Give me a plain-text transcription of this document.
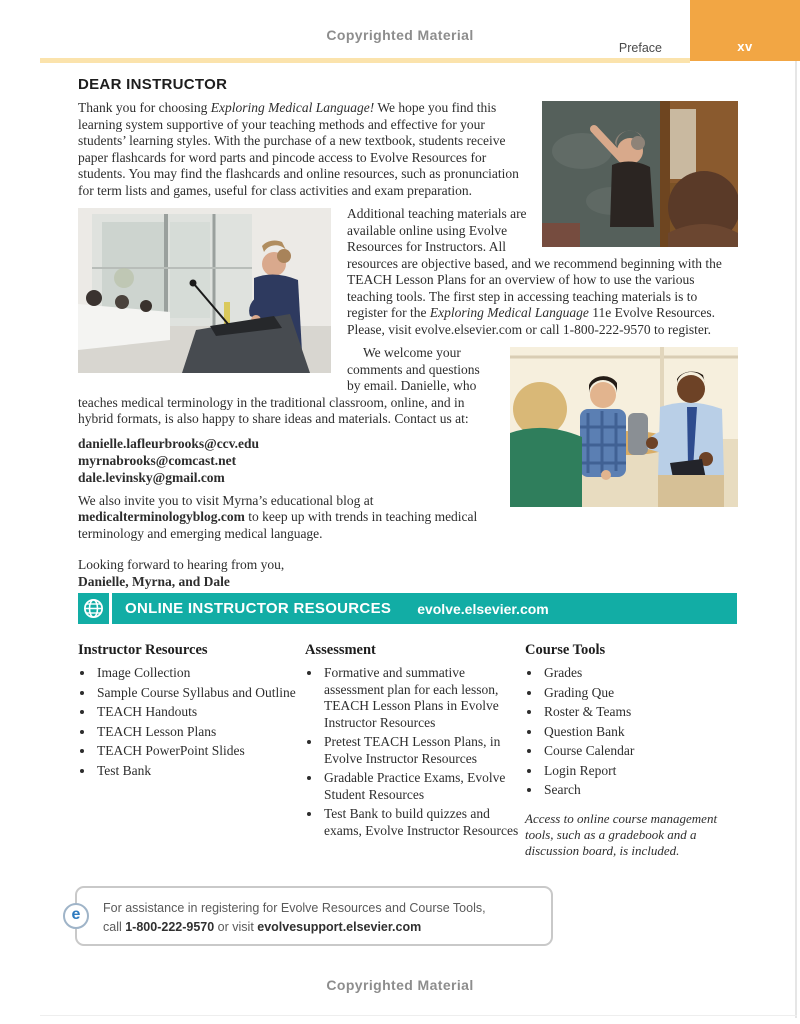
Copyrighted Material
Preface	xv
DEAR INSTRUCTOR

Thank you for choosing Exploring Medical Language! We hope you find this learning system supportive of your teaching methods and effective for your students’ learning styles. With the purchase of a new textbook, students receive paper flashcards for word parts and pincode access to Evolve Resources for students. You may find the flashcards and online resources, such as pronunciation for term lists and games, useful for class activities and exam preparation.

Additional teaching materials are available online using Evolve Resources for Instructors. All resources are objective based, and we recommend beginning with the TEACH Lesson Plans for an overview of how to use the various teaching tools. The first step in accessing teaching materials is to register for the Exploring Medical Language 11e Evolve Resources. Please, visit evolve.elsevier.com or call 1-800-222-9570 to register.

We welcome your comments and questions by email. Danielle, who teaches medical terminology in the traditional classroom, online, and in hybrid formats, is also happy to share ideas and materials. Contact us at:

danielle.lafleurbrooks@ccv.edu
myrnabrooks@comcast.net
dale.levinsky@gmail.com

We also invite you to visit Myrna’s educational blog at medicalterminologyblog.com to keep up with trends in teaching medical terminology and emerging medical language.

Looking forward to hearing from you,
Danielle, Myrna, and Dale
ONLINE INSTRUCTOR RESOURCES evolve.elsevier.com
Instructor Resources
• Image Collection
• Sample Course Syllabus and Outline
• TEACH Handouts
• TEACH Lesson Plans
• TEACH PowerPoint Slides
• Test Bank
Assessment
• Formative and summative assessment plan for each lesson, TEACH Lesson Plans in Evolve Instructor Resources
• Pretest TEACH Lesson Plans, in Evolve Instructor Resources
• Gradable Practice Exams, Evolve Student Resources
• Test Bank to build quizzes and exams, Evolve Instructor Resources
Course Tools
• Grades
• Grading Que
• Roster & Teams
• Question Bank
• Course Calendar
• Login Report
• Search
Access to online course management tools, such as a gradebook and a discussion board, is included.
e	For assistance in registering for Evolve Resources and Course Tools,
call 1-800-222-9570 or visit evolvesupport.elsevier.com
Copyrighted Material
